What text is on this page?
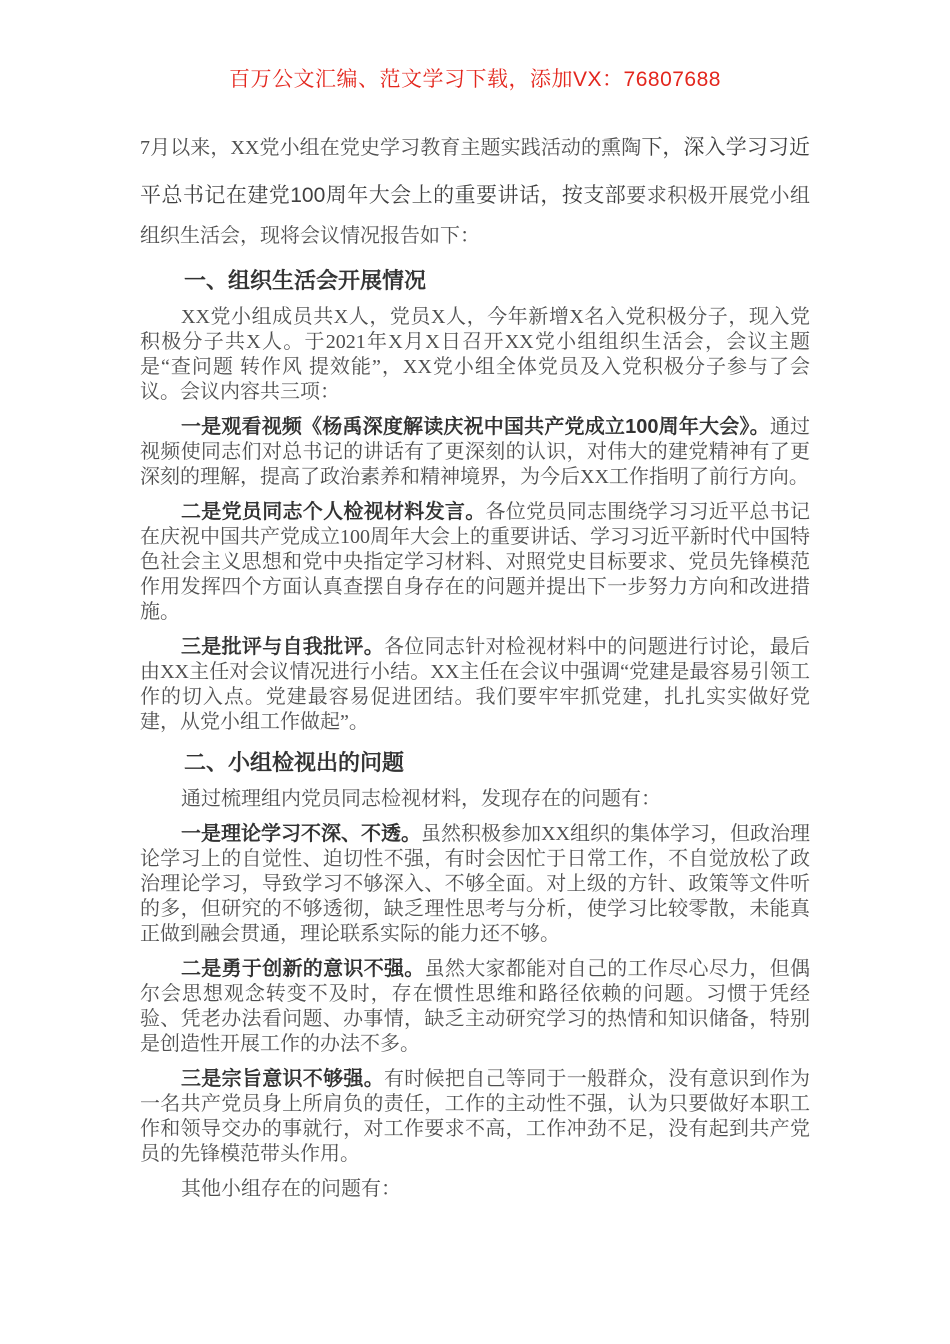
百万公文汇编、范文学习下载，添加VX：76807688

7月以来，XX党小组在党史学习教育主题实践活动的熏陶下，深入学习习近平总书记在建党100周年大会上的重要讲话，按支部要求积极开展党小组组织生活会，现将会议情况报告如下：

一、组织生活会开展情况

XX党小组成员共X人，党员X人，今年新增X名入党积极分子，现入党积极分子共X人。于2021年X月X日召开XX党小组组织生活会，会议主题是“查问题 转作风 提效能”，XX党小组全体党员及入党积极分子参与了会议。会议内容共三项：

一是观看视频《杨禹深度解读庆祝中国共产党成立100周年大会》。通过视频使同志们对总书记的讲话有了更深刻的认识，对伟大的建党精神有了更深刻的理解，提高了政治素养和精神境界，为今后XX工作指明了前行方向。

二是党员同志个人检视材料发言。各位党员同志围绕学习习近平总书记在庆祝中国共产党成立100周年大会上的重要讲话、学习习近平新时代中国特色社会主义思想和党中央指定学习材料、对照党史目标要求、党员先锋模范作用发挥四个方面认真查摆自身存在的问题并提出下一步努力方向和改进措施。

三是批评与自我批评。各位同志针对检视材料中的问题进行讨论，最后由XX主任对会议情况进行小结。XX主任在会议中强调“党建是最容易引领工作的切入点。党建最容易促进团结。我们要牢牢抓党建，扎扎实实做好党建，从党小组工作做起”。

二、小组检视出的问题

通过梳理组内党员同志检视材料，发现存在的问题有：

一是理论学习不深、不透。虽然积极参加XX组织的集体学习，但政治理论学习上的自觉性、迫切性不强，有时会因忙于日常工作，不自觉放松了政治理论学习，导致学习不够深入、不够全面。对上级的方针、政策等文件听的多，但研究的不够透彻，缺乏理性思考与分析，使学习比较零散，未能真正做到融会贯通，理论联系实际的能力还不够。

二是勇于创新的意识不强。虽然大家都能对自己的工作尽心尽力，但偶尔会思想观念转变不及时，存在惯性思维和路径依赖的问题。习惯于凭经验、凭老办法看问题、办事情，缺乏主动研究学习的热情和知识储备，特别是创造性开展工作的办法不多。

三是宗旨意识不够强。有时候把自己等同于一般群众，没有意识到作为一名共产党员身上所肩负的责任，工作的主动性不强，认为只要做好本职工作和领导交办的事就行，对工作要求不高，工作冲劲不足，没有起到共产党员的先锋模范带头作用。

其他小组存在的问题有：
